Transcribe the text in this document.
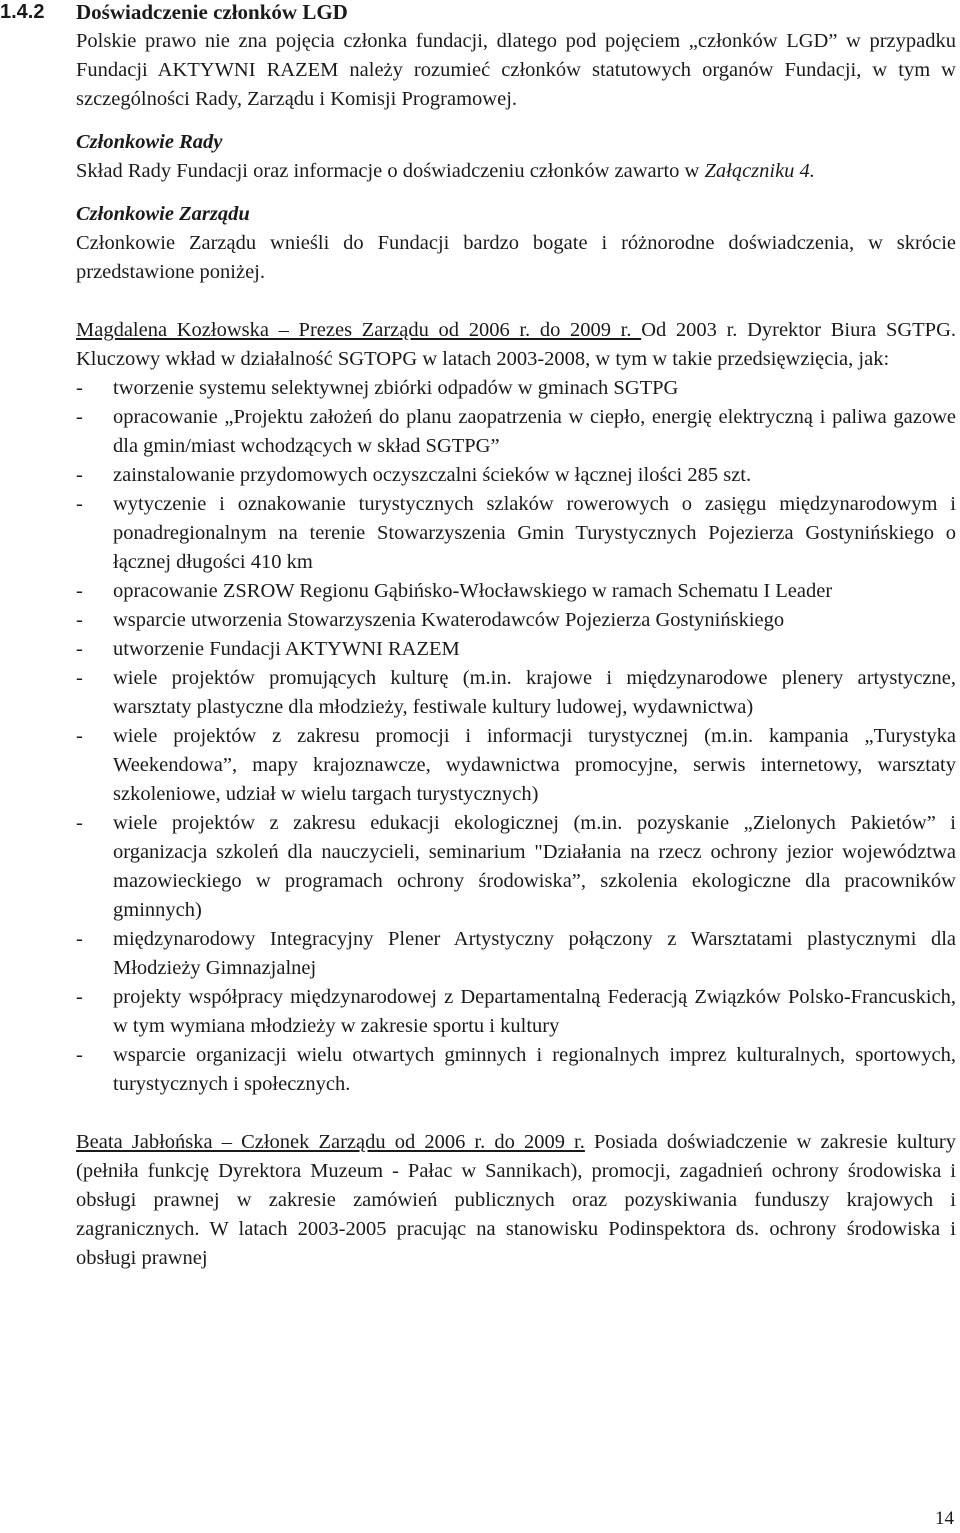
1.4.2 Doświadczenie członków LGD

Polskie prawo nie zna pojęcia członka fundacji, dlatego pod pojęciem „członków LGD” w przypadku Fundacji AKTYWNI RAZEM należy rozumieć członków statutowych organów Fundacji, w tym w szczególności Rady, Zarządu i Komisji Programowej.

Członkowie Rady

Skład Rady Fundacji oraz informacje o doświadczeniu członków zawarto w Załączniku 4.

Członkowie Zarządu

Członkowie Zarządu wnieśli do Fundacji bardzo bogate i różnorodne doświadczenia, w skrócie przedstawione poniżej.

Magdalena Kozłowska – Prezes Zarządu od 2006 r. do 2009 r. Od 2003 r. Dyrektor Biura SGTPG. Kluczowy wkład w działalność SGTOPG w latach 2003-2008, w tym w takie przedsięwzięcia, jak:

- tworzenie systemu selektywnej zbiórki odpadów w gminach SGTPG
- opracowanie „Projektu założeń do planu zaopatrzenia w ciepło, energię elektryczną i paliwa gazowe dla gmin/miast wchodzących w skład SGTPG”
- zainstalowanie przydomowych oczyszczalni ścieków w łącznej ilości 285 szt.
- wytyczenie i oznakowanie turystycznych szlaków rowerowych o zasięgu międzynarodowym i ponadregionalnym na terenie Stowarzyszenia Gmin Turystycznych Pojezierza Gostynińskiego o łącznej długości 410 km
- opracowanie ZSROW Regionu Gąbińsko-Włocławskiego w ramach Schematu I Leader
- wsparcie utworzenia Stowarzyszenia Kwaterodawców Pojezierza Gostynińskiego
- utworzenie Fundacji AKTYWNI RAZEM
- wiele projektów promujących kulturę (m.in. krajowe i międzynarodowe plenery artystyczne, warsztaty plastyczne dla młodzieży, festiwale kultury ludowej, wydawnictwa)
- wiele projektów z zakresu promocji i informacji turystycznej (m.in. kampania „Turystyka Weekendowa”, mapy krajoznawcze, wydawnictwa promocyjne, serwis internetowy, warsztaty szkoleniowe, udział w wielu targach turystycznych)
- wiele projektów z zakresu edukacji ekologicznej (m.in. pozyskanie „Zielonych Pakietów” i organizacja szkoleń dla nauczycieli, seminarium "Działania na rzecz ochrony jezior województwa mazowieckiego w programach ochrony środowiska”, szkolenia ekologiczne dla pracowników gminnych)
- międzynarodowy Integracyjny Plener Artystyczny połączony z Warsztatami plastycznymi dla Młodzieży Gimnazjalnej
- projekty współpracy międzynarodowej z Departamentalną Federacją Związków Polsko-Francuskich, w tym wymiana młodzieży w zakresie sportu i kultury
- wsparcie organizacji wielu otwartych gminnych i regionalnych imprez kulturalnych, sportowych, turystycznych i społecznych.

Beata Jabłońska – Członek Zarządu od 2006 r. do 2009 r. Posiada doświadczenie w zakresie kultury (pełniła funkcję Dyrektora Muzeum - Pałac w Sannikach), promocji, zagadnień ochrony środowiska i obsługi prawnej w zakresie zamówień publicznych oraz pozyskiwania funduszy krajowych i zagranicznych. W latach 2003-2005 pracując na stanowisku Podinspektora ds. ochrony środowiska i obsługi prawnej

14
